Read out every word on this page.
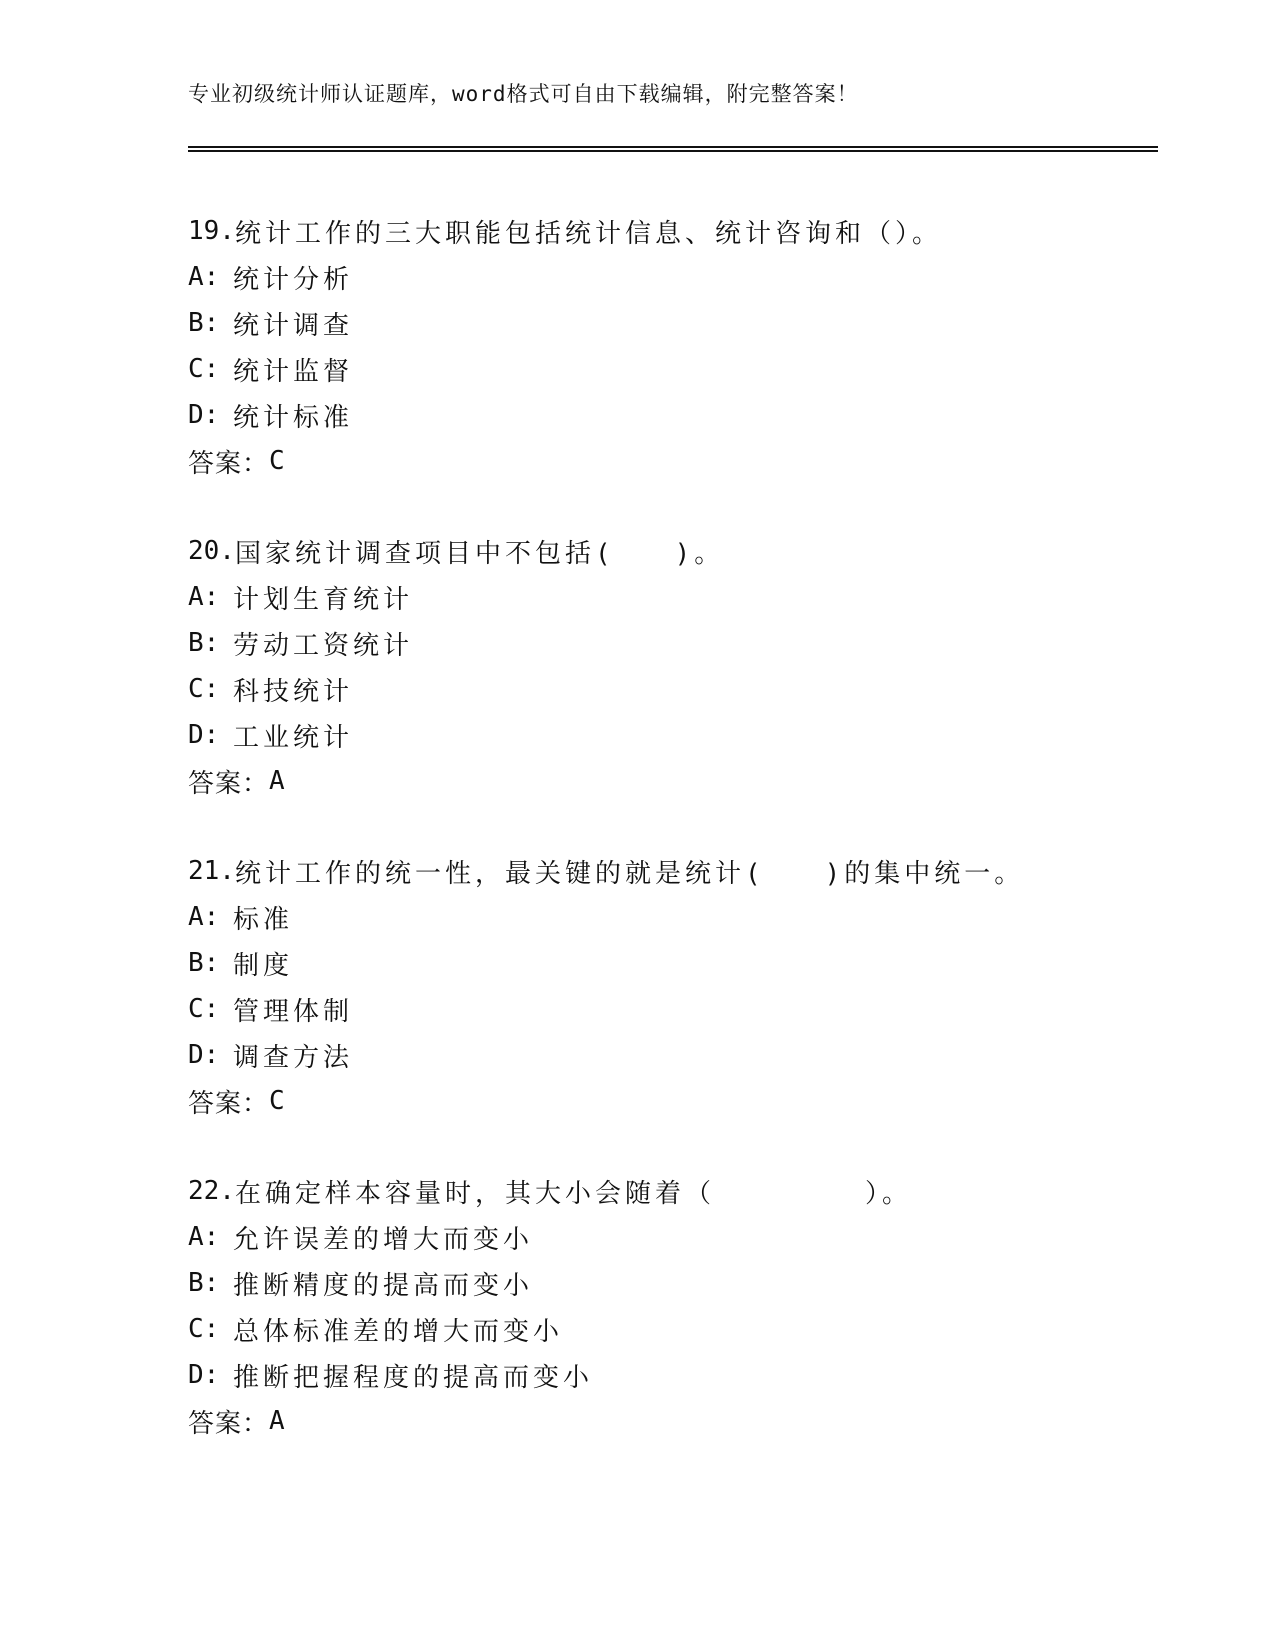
专业初级统计师认证题库，word格式可自由下载编辑，附完整答案！
19. 统计工作的三大职能包括统计信息、统计咨询和（）。
A: 统计分析
B: 统计调查
C: 统计监督
D: 统计标准
答案： C
20. 国家统计调查项目中不包括(　　)。
A: 计划生育统计
B: 劳动工资统计
C: 科技统计
D: 工业统计
答案： A
21. 统计工作的统一性，最关键的就是统计(　　)的集中统一。
A: 标准
B: 制度
C: 管理体制
D: 调查方法
答案： C
22. 在确定样本容量时，其大小会随着（　　　　　）。
A: 允许误差的增大而变小
B: 推断精度的提高而变小
C: 总体标准差的增大而变小
D: 推断把握程度的提高而变小
答案： A
